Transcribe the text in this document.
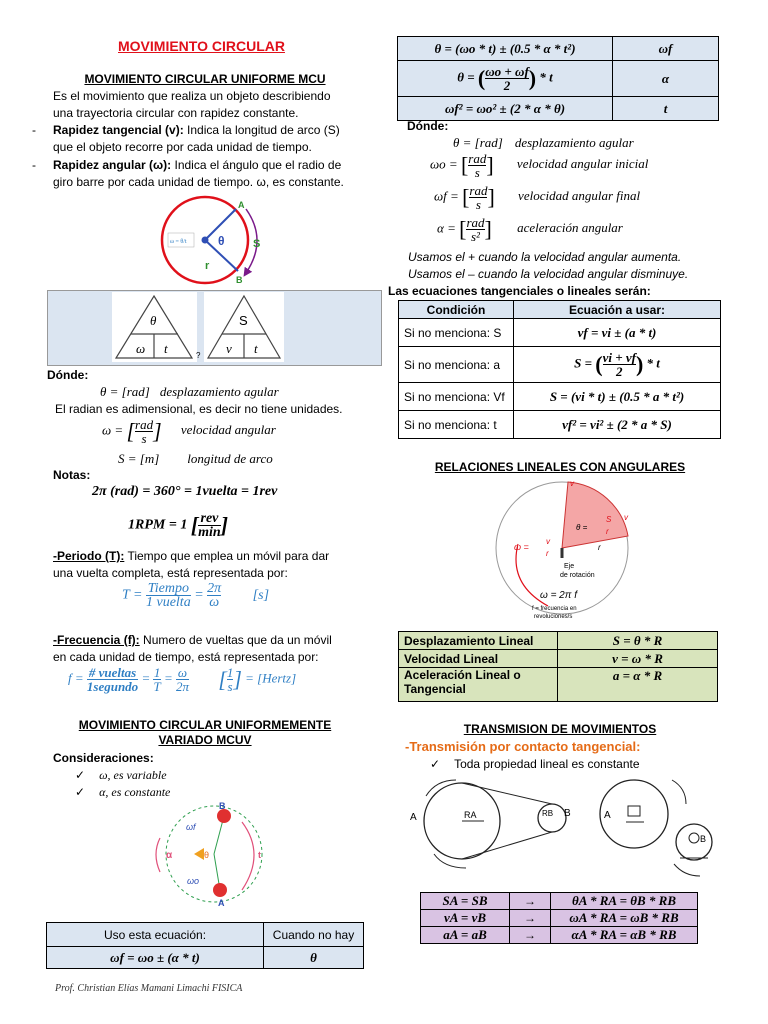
MOVIMIENTO CIRCULAR
MOVIMIENTO CIRCULAR UNIFORME MCU
Es el movimiento que realiza un objeto describiendo
una trayectoria circular con rapidez constante.
- Rapidez tangencial (v): Indica la longitud de arco (S)
que el objeto recorre por cada unidad de tiempo.
- Rapidez angular (ω): Indica el ángulo que el radio de
giro barre por cada unidad de tiempo. ω, es constante.
ω = θ/t	θ	S
r
A
B
θ
ω t	?
S
v t
Dónde:
θ = [rad] desplazamiento agular
El radian es adimensional, es decir no tiene unidades.
ω = [ $\frac{\text{rad}}{s}$ ] velocidad angular
S = [m] longitud de arco
Notas:
2π (rad) = 360° = 1vuelta = 1rev
1RPM = 1 [ $\frac{\text{rev}}{\min}$ ]
-Periodo (T): Tiempo que emplea un móvil para dar
una vuelta completa, está representada por:
$T = \frac{\text{Tiempo}}{\text{1 vuelta}} = \frac{2\pi}{\omega} [s]$
-Frecuencia (f): Numero de vueltas que da un móvil
en cada unidad de tiempo, está representada por:
$f = \frac{\text{\# vueltas}}{\text{1segundo}} = \frac{1}{T} = \frac{\omega}{2\pi}$ [ $\frac{1}{s}$ ] = [Hertz]
MOVIMIENTO CIRCULAR UNIFORMEMENTE
VARIADO MCUV
Consideraciones:
✓ ω, es variable
✓ α, es constante
B
A
ωf
ωo
α	θ	t
Uso esta ecuación:	Cuando no hay
ωf = ωo ± (α * t)	θ
Prof. Christian Elías Mamani Limachi FISICA
θ = (ωo * t) ± (0.5 * α * t²)	ωf
θ = ( $\frac{\omega o + \omega f}{2}$ ) * t	α
ωf² = ωo² ± (2 * α * θ)	t
Dónde:
θ = [rad] desplazamiento agular
ωo = [ $\frac{\text{rad}}{s}$ ] velocidad angular inicial
ωf = [ $\frac{\text{rad}}{s}$ ] velocidad angular final
α = [ $\frac{\text{rad}}{\text{s²}}$ ] aceleración angular
Usamos el + cuando la velocidad angular aumenta.
Usamos el – cuando la velocidad angular disminuye.
Las ecuaciones tangenciales o lineales serán:
Condición	Ecuación a usar:
Si no menciona: S	vf = vi ± (a * t)
Si no menciona: a	S = ( $\frac{vi + vf}{2}$ ) * t
Si no menciona: Vf	S = (vi * t) ± (0.5 * a * t²)
Si no menciona: t	vf² = vi² ± (2 * a * S)
RELACIONES LINEALES CON ANGULARES
v
θ =
S
r
v
ω =
v
r
r
Eje
de rotación
ω = 2π f
f = frecuencia en
revoluciones/s
Desplazamiento Lineal	S = θ * R
Velocidad Lineal	v = ω * R
Aceleración Lineal o Tangencial	a = α * R
TRANSMISION DE MOVIMIENTOS
-Transmisión por contacto tangencial:
✓ Toda propiedad lineal es constante
A	RA	RB B	A
B
SA = SB	→	θA * RA = θB * RB
vA = vB	→	ωA * RA = ωB * RB
aA = aB	→	αA * RA = αB * RB
